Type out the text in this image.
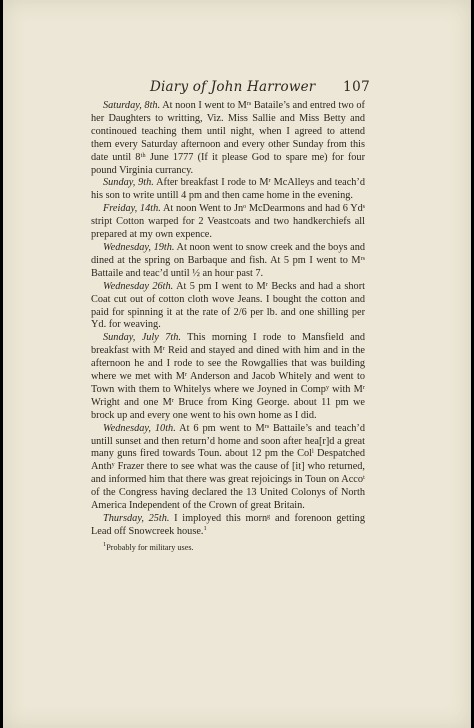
Diary of John Harrower 107

Saturday, 8th. At noon I went to Mʳˢ Bataile’s and entred two of her Daughters to writting, Viz. Miss Sallie and Miss Betty and continoued teaching them until night, when I agreed to attend them every Saturday afternoon and every other Sunday from this date until 8ᵗʰ June 1777 (If it please God to spare me) for four pound Virginia currancy.

Sunday, 9th. After breakfast I rode to Mʳ McAlleys and teach’d his son to write untill 4 pm and then came home in the evening.

Freiday, 14th. At noon Went to Jnᵒ McDearmons and had 6 Ydˢ stript Cotton warped for 2 Veastcoats and two handkerchiefs all prepared at my own expence.

Wednesday, 19th. At noon went to snow creek and the boys and dined at the spring on Barbaque and fish. At 5 pm I went to Mʳˢ Battaile and teac’d until ½ an hour past 7.

Wednesday 26th. At 5 pm I went to Mʳ Becks and had a short Coat cut out of cotton cloth wove Jeans. I bought the cotton and paid for spinning it at the rate of 2/6 per lb. and one shilling per Yd. for weaving.

Sunday, July 7th. This morning I rode to Mansfield and breakfast with Mʳ Reid and stayed and dined with him and in the afternoon he and I rode to see the Rowgallies that was building where we met with Mʳ Anderson and Jacob Whitely and went to Town with them to Whitelys where we Joyned in Compʸ with Mʳ Wright and one Mʳ Bruce from King George. about 11 pm we brock up and every one went to his own home as I did.

Wednesday, 10th. At 6 pm went to Mʳˢ Battaile’s and teach’d untill sunset and then return’d home and soon after hea[r]d a great many guns fired towards Toun. about 12 pm the Colˡ Despatched Anthʸ Frazer there to see what was the cause of [it] who returned, and informed him that there was great rejoicings in Toun on Accoᵗ of the Congress having declared the 13 United Colonys of North America Independent of the Crown of great Britain.

Thursday, 25th. I imployed this mornᵍ and forenoon getting Lead off Snowcreek house.$^1$

$^1$Probably for military uses.
